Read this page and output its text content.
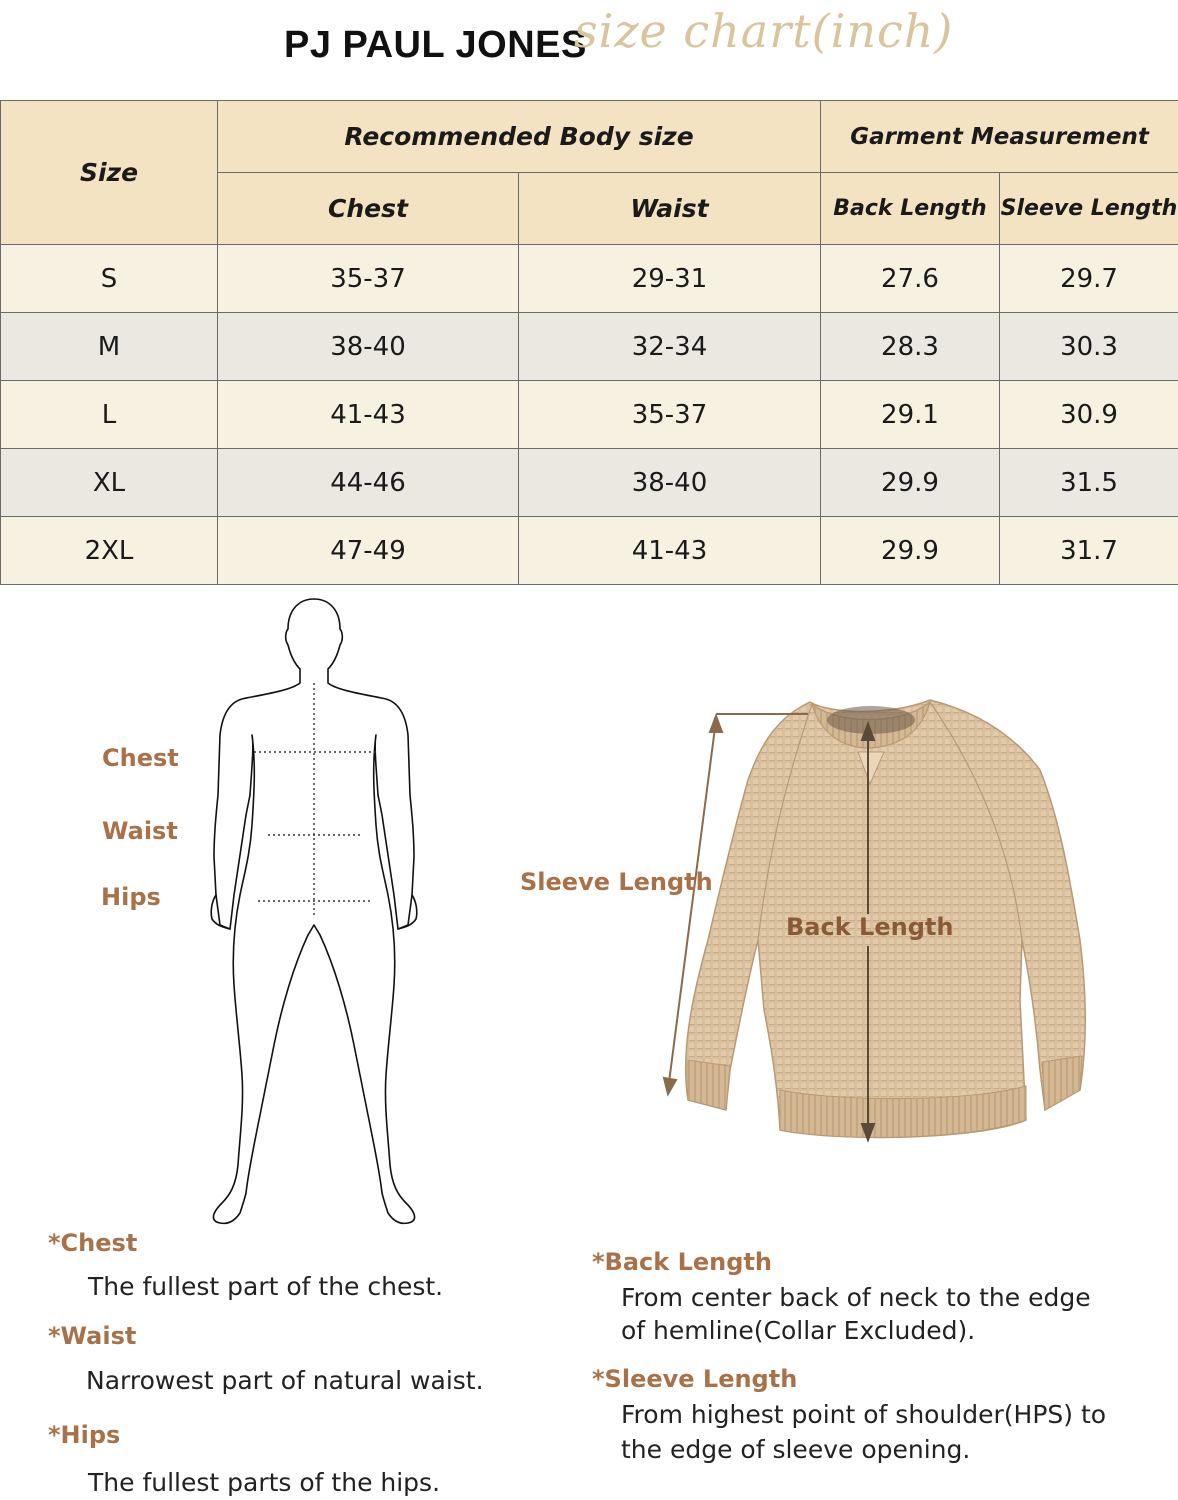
PJ PAUL JONES
size chart(inch)
Size	Recommended Body size		Garment Measurement	
	Chest	Waist	Back Length	Sleeve Length
S	35-37	29-31	27.6	29.7
M	38-40	32-34	28.3	30.3
L	41-43	35-37	29.1	30.9
XL	44-46	38-40	29.9	31.5
2XL	47-49	41-43	29.9	31.7
Chest
Waist
Hips
Sleeve Length
Back Length
*Chest
The fullest part of the chest.
*Waist
Narrowest part of natural waist.
*Hips
The fullest parts of the hips.
*Back Length
From center back of neck to the edge
of hemline(Collar Excluded).
*Sleeve Length
From highest point of shoulder(HPS) to
the edge of sleeve opening.
